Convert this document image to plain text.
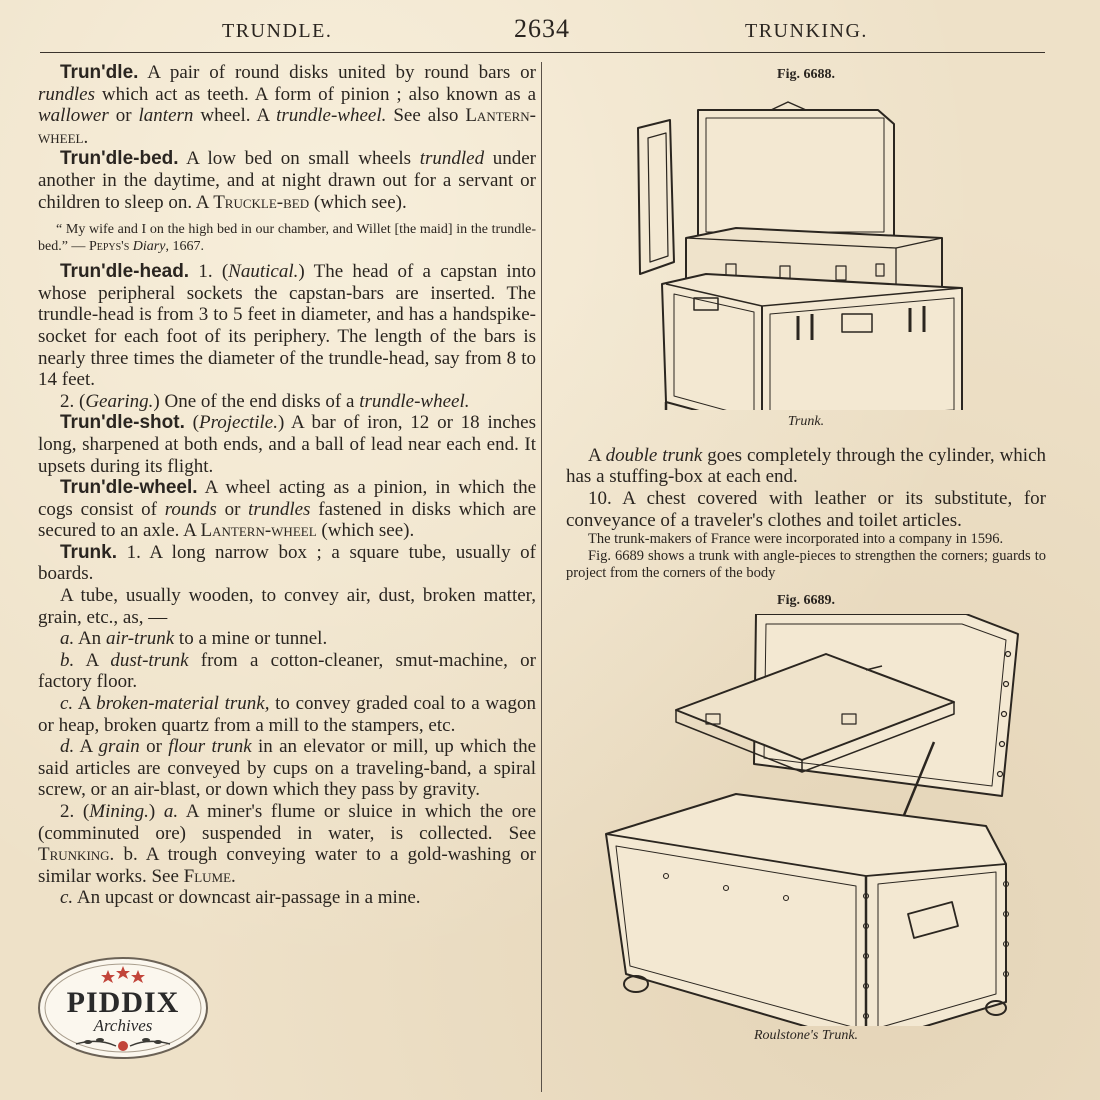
TRUNDLE.	2634	TRUNKING.

Trun'dle. A pair of round disks united by round bars or rundles which act as teeth. A form of pinion ; also known as a wallower or lantern wheel. A trundle-wheel. See also Lantern-wheel.

Trun'dle-bed. A low bed on small wheels trundled under another in the daytime, and at night drawn out for a servant or children to sleep on. A Truckle-bed (which see).

“ My wife and I on the high bed in our chamber, and Willet [the maid] in the trundle-bed.” — Pepys's Diary, 1667.

Trun'dle-head. 1. (Nautical.) The head of a capstan into whose peripheral sockets the capstan-bars are inserted. The trundle-head is from 3 to 5 feet in diameter, and has a handspike-socket for each foot of its periphery. The length of the bars is nearly three times the diameter of the trundle-head, say from 8 to 14 feet.

2. (Gearing.) One of the end disks of a trundle-wheel.

Trun'dle-shot. (Projectile.) A bar of iron, 12 or 18 inches long, sharpened at both ends, and a ball of lead near each end. It upsets during its flight.

Trun'dle-wheel. A wheel acting as a pinion, in which the cogs consist of rounds or trundles fastened in disks which are secured to an axle. A Lantern-wheel (which see).

Trunk. 1. A long narrow box ; a square tube, usually of boards.

A tube, usually wooden, to convey air, dust, broken matter, grain, etc., as, —

a. An air-trunk to a mine or tunnel.

b. A dust-trunk from a cotton-cleaner, smut-machine, or factory floor.

c. A broken-material trunk, to convey graded coal to a wagon or heap, broken quartz from a mill to the stampers, etc.

d. A grain or flour trunk in an elevator or mill, up which the said articles are conveyed by cups on a traveling-band, a spiral screw, or an air-blast, or down which they pass by gravity.

2. (Mining.) a. A miner's flume or sluice in which the ore (comminuted ore) suspended in water, is collected. See Trunking. b. A trough conveying water to a gold-washing or similar works. See Flume.

c. An upcast or downcast air-passage in a mine.

Fig. 6688.

Trunk.

A double trunk goes completely through the cylinder, which has a stuffing-box at each end.

10. A chest covered with leather or its substitute, for conveyance of a traveler's clothes and toilet articles.

The trunk-makers of France were incorporated into a company in 1596.

Fig. 6689 shows a trunk with angle-pieces to strengthen the corners; guards to project from the corners of the body

Fig. 6689.

Roulstone's Trunk.

PIDDIX
Archives
